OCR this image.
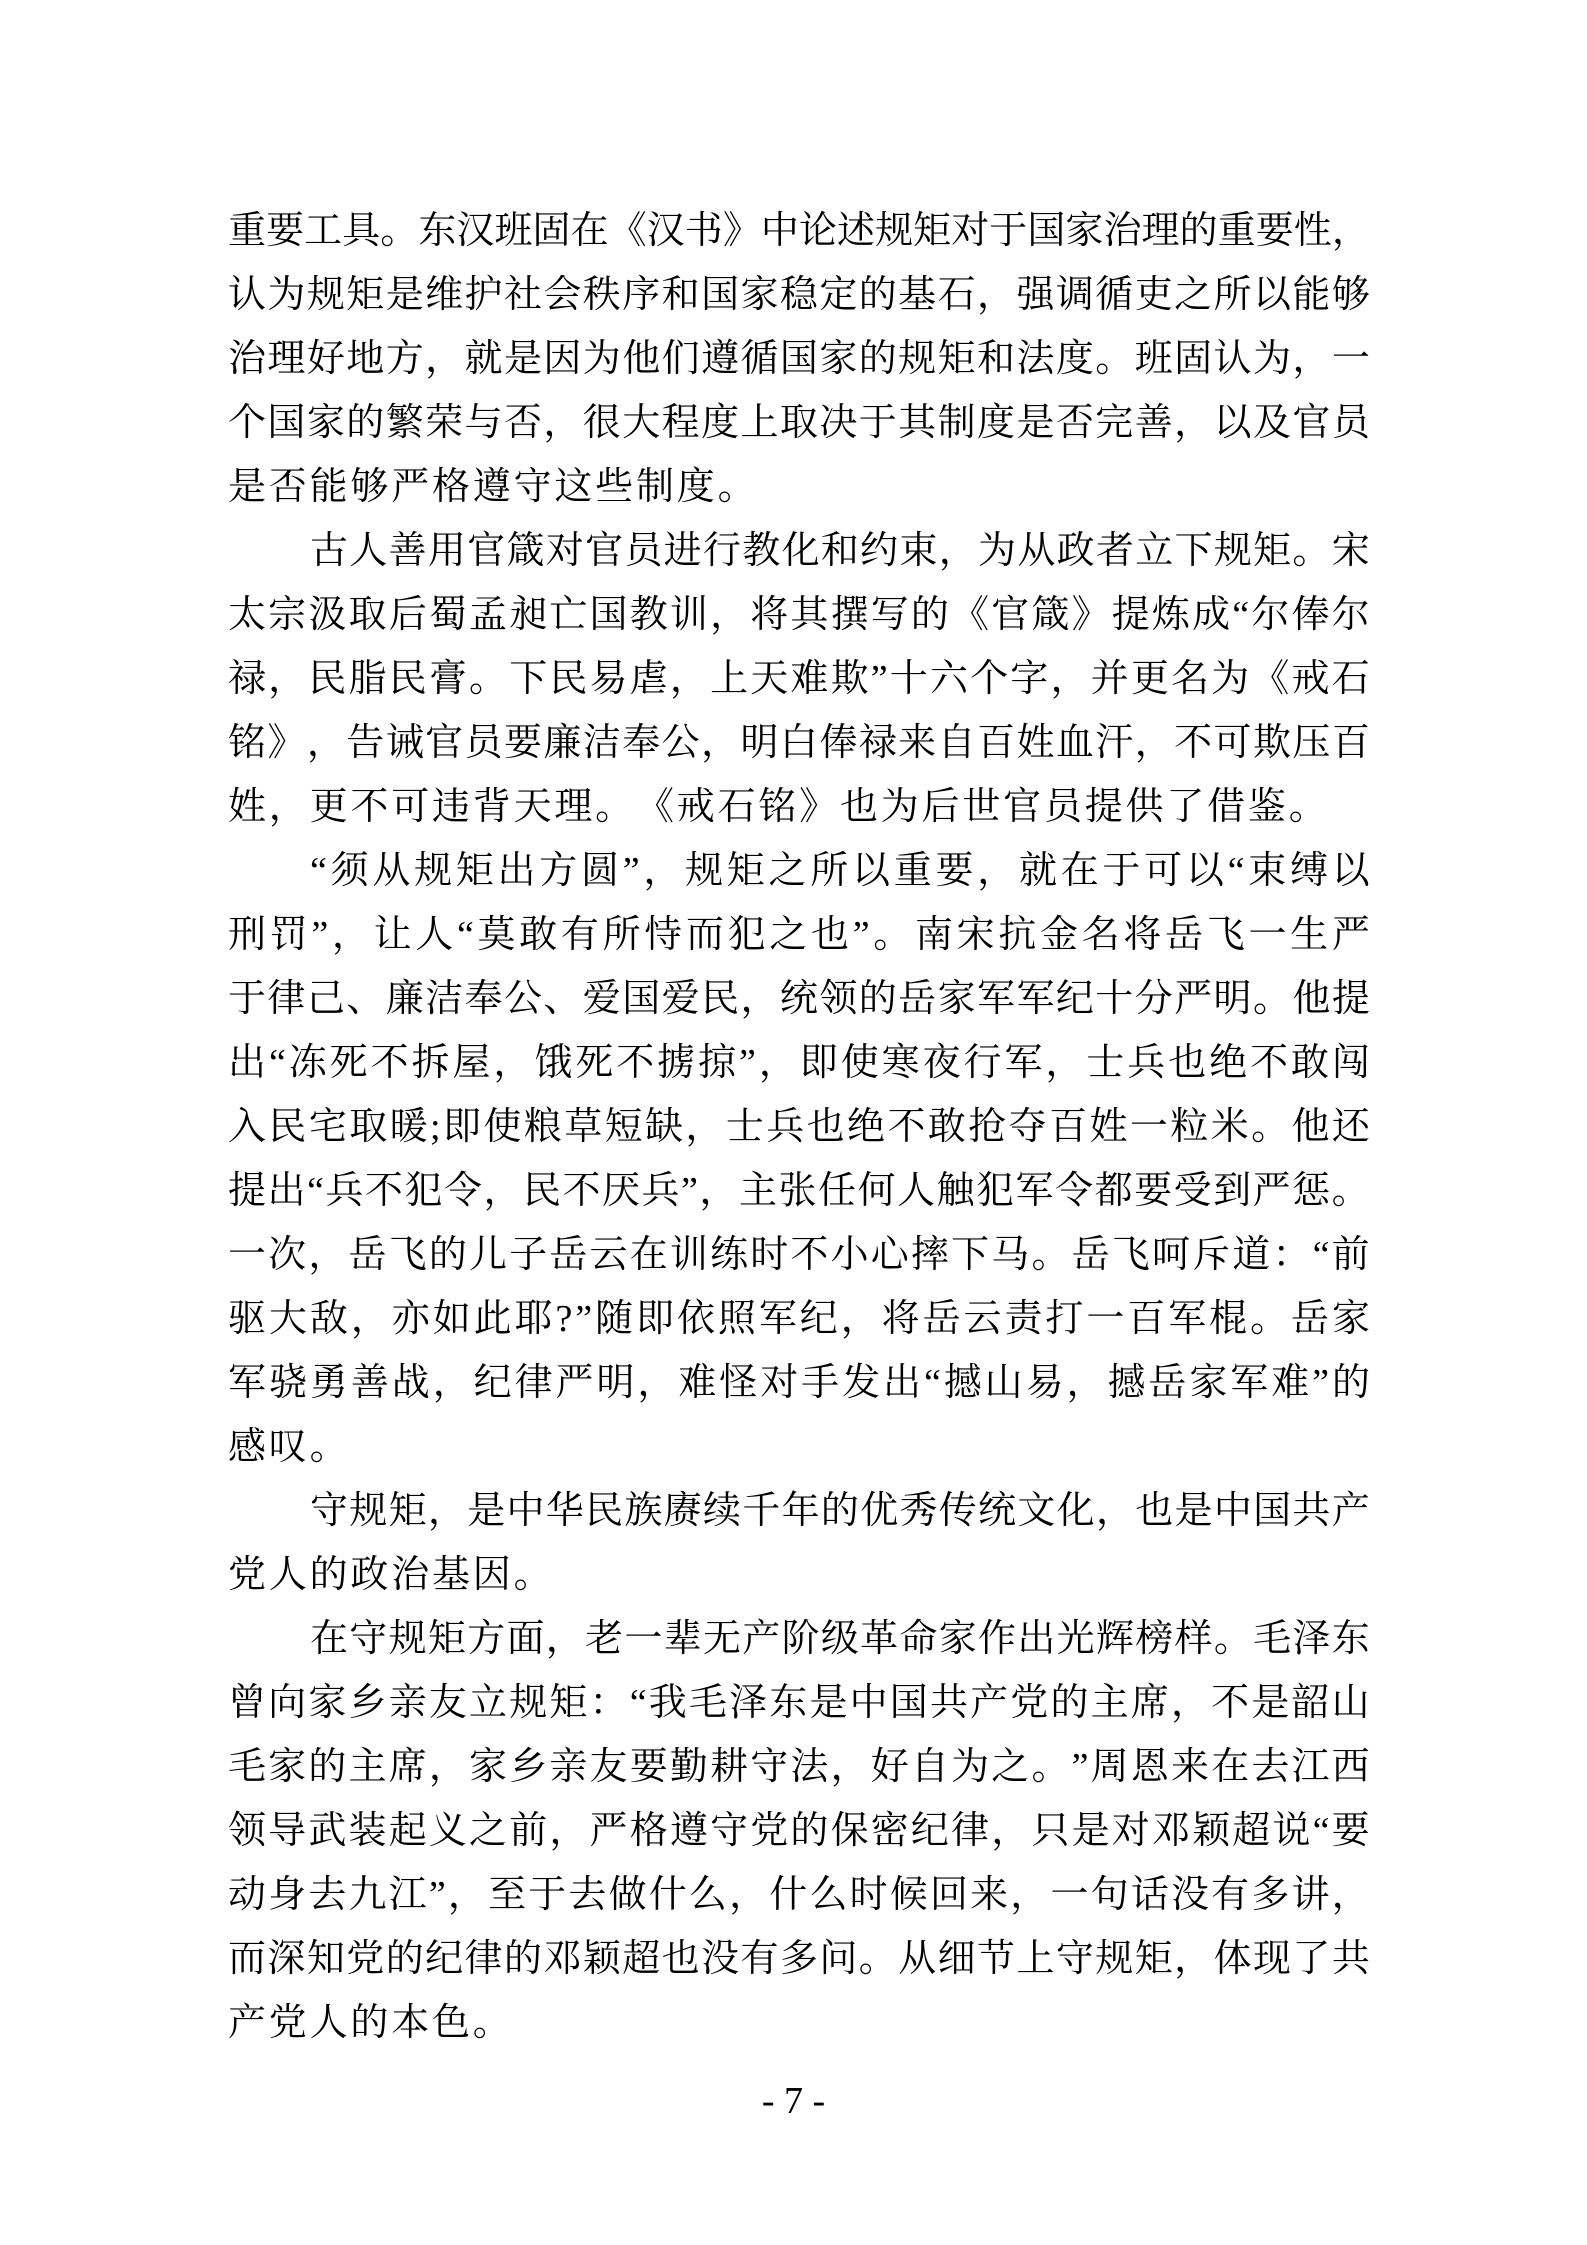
重 要 工 具 。 东 汉 班 固 在 《 汉 书 》 中 论 述 规 矩 对 于 国 家 治 理 的 重 要 性 ，
认 为 规 矩 是 维 护 社 会 秩 序 和 国 家 稳 定 的 基 石 ， 强 调 循 吏 之 所 以 能 够
治 理 好 地 方 ， 就 是 因 为 他 们 遵 循 国 家 的 规 矩 和 法 度 。 班 固 认 为 ， 一
个 国 家 的 繁 荣 与 否 ， 很 大 程 度 上 取 决 于 其 制 度 是 否 完 善 ， 以 及 官 员
是 否 能 够 严 格 遵 守 这 些 制 度 。
古 人 善 用 官 箴 对 官 员 进 行 教 化 和 约 束 ， 为 从 政 者 立 下 规 矩 。 宋
太 宗 汲 取 后 蜀 孟 昶 亡 国 教 训 ， 将 其 撰 写 的 《 官 箴 》 提 炼 成 “ 尔 俸 尔
禄 ， 民 脂 民 膏 。 下 民 易 虐 ， 上 天 难 欺 ” 十 六 个 字 ， 并 更 名 为 《 戒 石
铭 》 ， 告 诫 官 员 要 廉 洁 奉 公 ， 明 白 俸 禄 来 自 百 姓 血 汗 ， 不 可 欺 压 百
姓 ， 更 不 可 违 背 天 理 。 《 戒 石 铭 》 也 为 后 世 官 员 提 供 了 借 鉴 。
“ 须 从 规 矩 出 方 圆 ” ， 规 矩 之 所 以 重 要 ， 就 在 于 可 以 “ 束 缚 以
刑 罚 ” ， 让 人 “ 莫 敢 有 所 恃 而 犯 之 也 ” 。 南 宋 抗 金 名 将 岳 飞 一 生 严
于 律 己 、 廉 洁 奉 公 、 爱 国 爱 民 ， 统 领 的 岳 家 军 军 纪 十 分 严 明 。 他 提
出 “ 冻 死 不 拆 屋 ， 饿 死 不 掳 掠 ” ， 即 使 寒 夜 行 军 ， 士 兵 也 绝 不 敢 闯
入 民 宅 取 暖 ; 即 使 粮 草 短 缺 ， 士 兵 也 绝 不 敢 抢 夺 百 姓 一 粒 米 。 他 还
提 出 “ 兵 不 犯 令 ， 民 不 厌 兵 ” ， 主 张 任 何 人 触 犯 军 令 都 要 受 到 严 惩 。
一 次 ， 岳 飞 的 儿 子 岳 云 在 训 练 时 不 小 心 摔 下 马 。 岳 飞 呵 斥 道 ： “ 前
驱 大 敌 ， 亦 如 此 耶 ? ” 随 即 依 照 军 纪 ， 将 岳 云 责 打 一 百 军 棍 。 岳 家
军 骁 勇 善 战 ， 纪 律 严 明 ， 难 怪 对 手 发 出 “ 撼 山 易 ， 撼 岳 家 军 难 ” 的
感 叹 。
守 规 矩 ， 是 中 华 民 族 赓 续 千 年 的 优 秀 传 统 文 化 ， 也 是 中 国 共 产
党 人 的 政 治 基 因 。
在 守 规 矩 方 面 ， 老 一 辈 无 产 阶 级 革 命 家 作 出 光 辉 榜 样 。 毛 泽 东
曾 向 家 乡 亲 友 立 规 矩 ： “ 我 毛 泽 东 是 中 国 共 产 党 的 主 席 ， 不 是 韶 山
毛 家 的 主 席 ， 家 乡 亲 友 要 勤 耕 守 法 ， 好 自 为 之 。 ” 周 恩 来 在 去 江 西
领 导 武 装 起 义 之 前 ， 严 格 遵 守 党 的 保 密 纪 律 ， 只 是 对 邓 颖 超 说 “ 要
动 身 去 九 江 ” ， 至 于 去 做 什 么 ， 什 么 时 候 回 来 ， 一 句 话 没 有 多 讲 ，
而 深 知 党 的 纪 律 的 邓 颖 超 也 没 有 多 问 。 从 细 节 上 守 规 矩 ， 体 现 了 共
产 党 人 的 本 色 。
- 7 -
